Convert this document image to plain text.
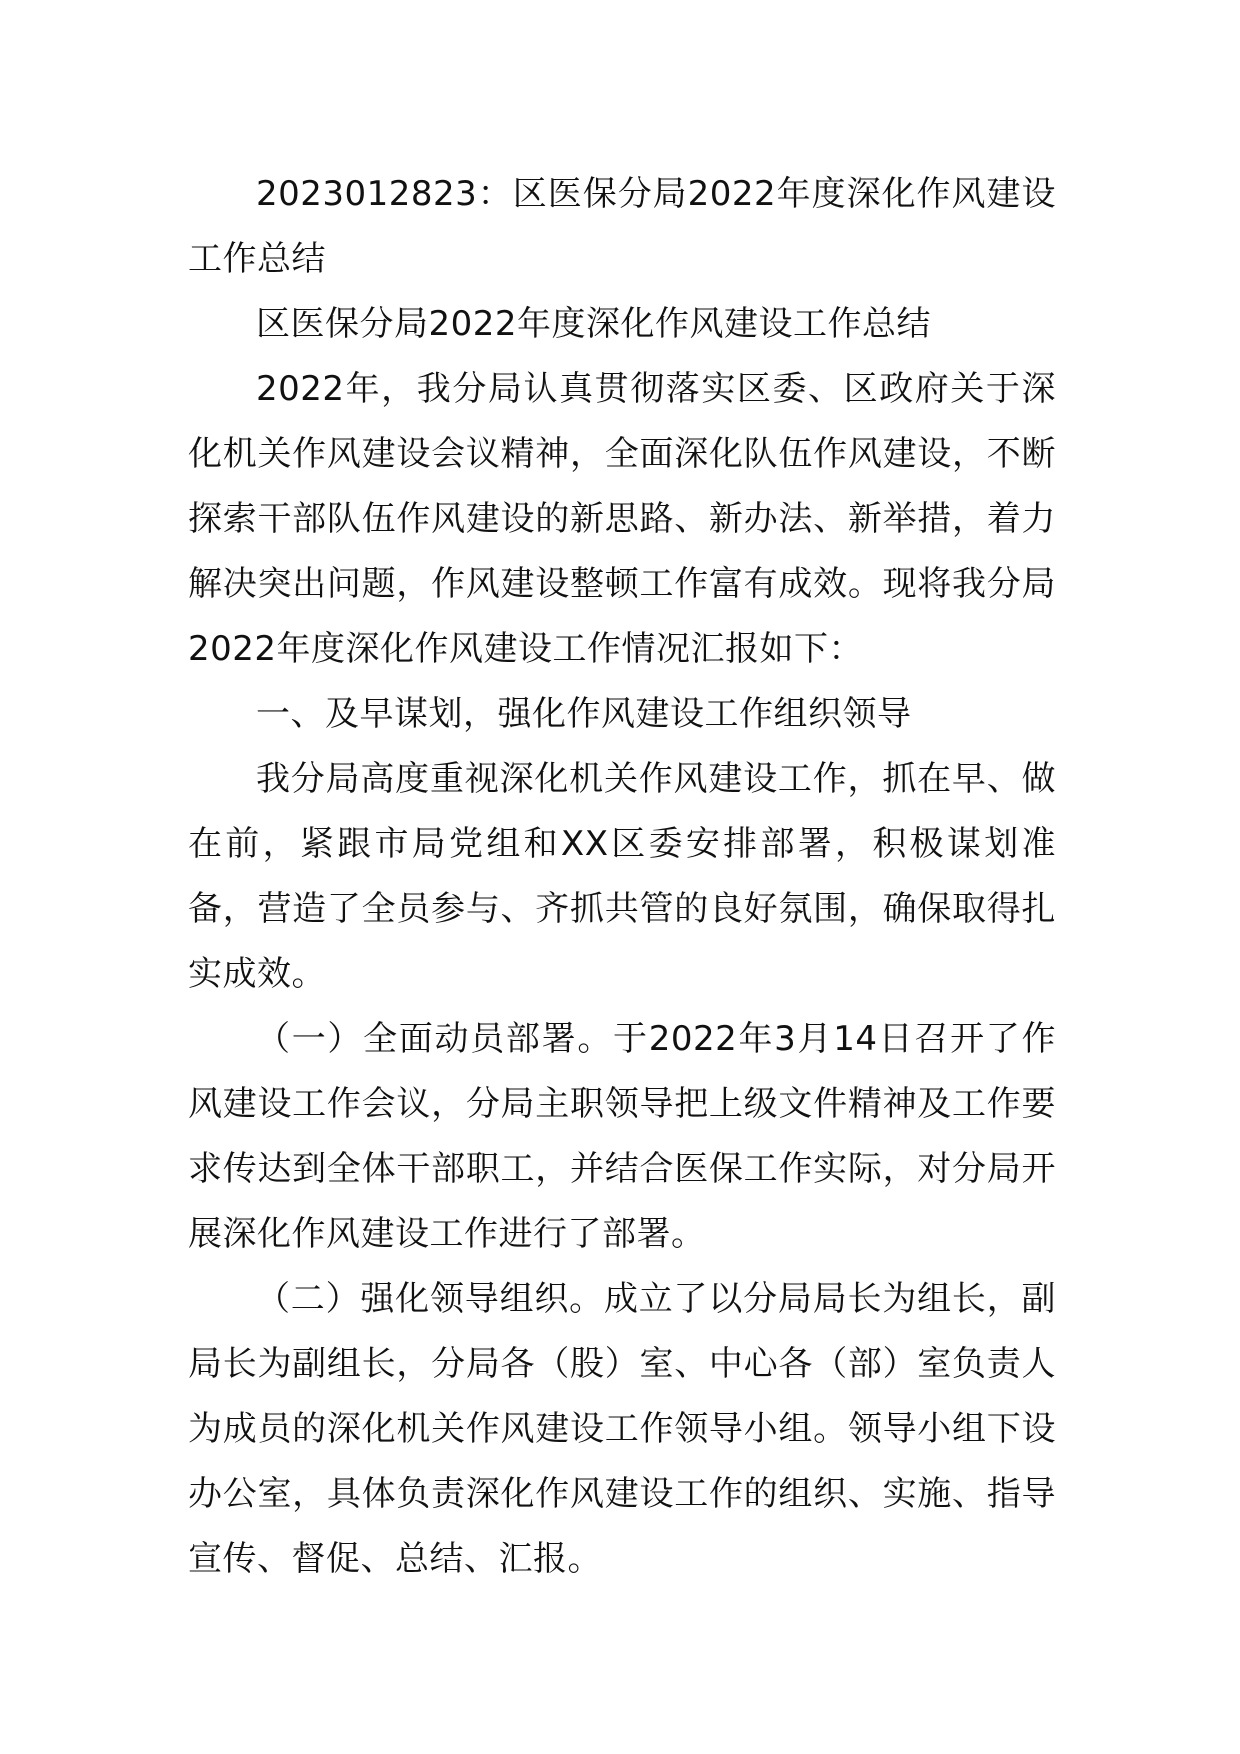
2023012823：区医保分局2022年度深化作风建设工作总结

区医保分局2022年度深化作风建设工作总结

2022年，我分局认真贯彻落实区委、区政府关于深化机关作风建设会议精神，全面深化队伍作风建设，不断探索干部队伍作风建设的新思路、新办法、新举措，着力解决突出问题，作风建设整顿工作富有成效。现将我分局2022年度深化作风建设工作情况汇报如下：

一、及早谋划，强化作风建设工作组织领导

我分局高度重视深化机关作风建设工作，抓在早、做在前，紧跟市局党组和XX区委安排部署，积极谋划准备，营造了全员参与、齐抓共管的良好氛围，确保取得扎实成效。

（一）全面动员部署。于2022年3月14日召开了作风建设工作会议，分局主职领导把上级文件精神及工作要求传达到全体干部职工，并结合医保工作实际，对分局开展深化作风建设工作进行了部署。

（二）强化领导组织。成立了以分局局长为组长，副局长为副组长，分局各（股）室、中心各（部）室负责人为成员的深化机关作风建设工作领导小组。领导小组下设办公室，具体负责深化作风建设工作的组织、实施、指导宣传、督促、总结、汇报。
